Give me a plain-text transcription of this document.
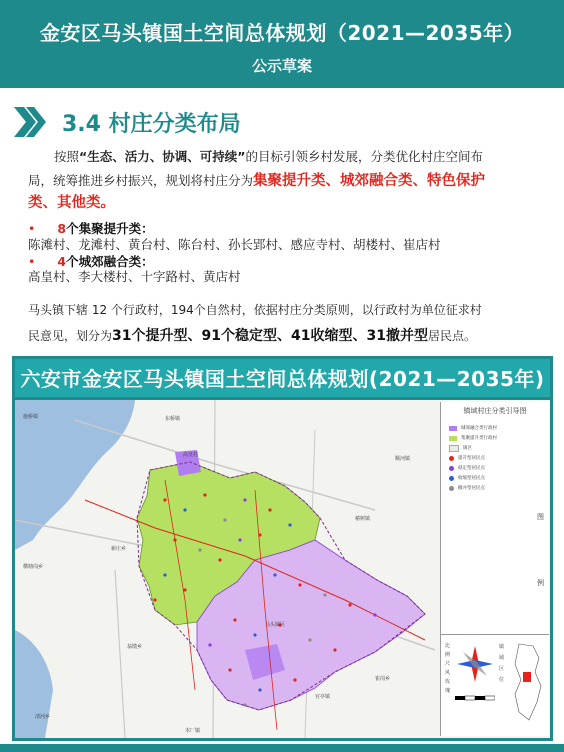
金安区马头镇国土空间总体规划（2021—2035年）
公示草案
3.4 村庄分类布局
按照“生态、活力、协调、可持续”的目标引领乡村发展，分类优化村庄空间布
局，统筹推进乡村振兴，规划将村庄分为集聚提升类、城郊融合类、特色保护
类、其他类。
• 8个集聚提升类：
陈滩村、龙滩村、黄台村、陈台村、孙长郢村、感应寺村、胡楼村、崔店村
• 4个城郊融合类：
高皇村、李大楼村、十字路村、黄店村
马头镇下辖 12 个行政村，194个自然村，依据村庄分类原则，以行政村为单位征求村
民意见，划分为31个提升型、91个稳定型、41收缩型、31撤并型居民点。
六安市金安区马头镇国土空间总体规划(2021—2035年)
施桥镇	东桥镇
横塘岗乡
木厂镇
翁墩乡
椿树镇
清河乡
新庄乡
官亭镇
崔岗乡
顺河镇
高皇村
马头镇区
镇域村庄分类引导图
城郊融合类行政村
集聚提升类行政村
镇区
提升型居民点
稳定型居民点
收缩型居民点
撤并型居民点
图
例
比
例
尺
风
玫
瑰
镇
域
区
位
